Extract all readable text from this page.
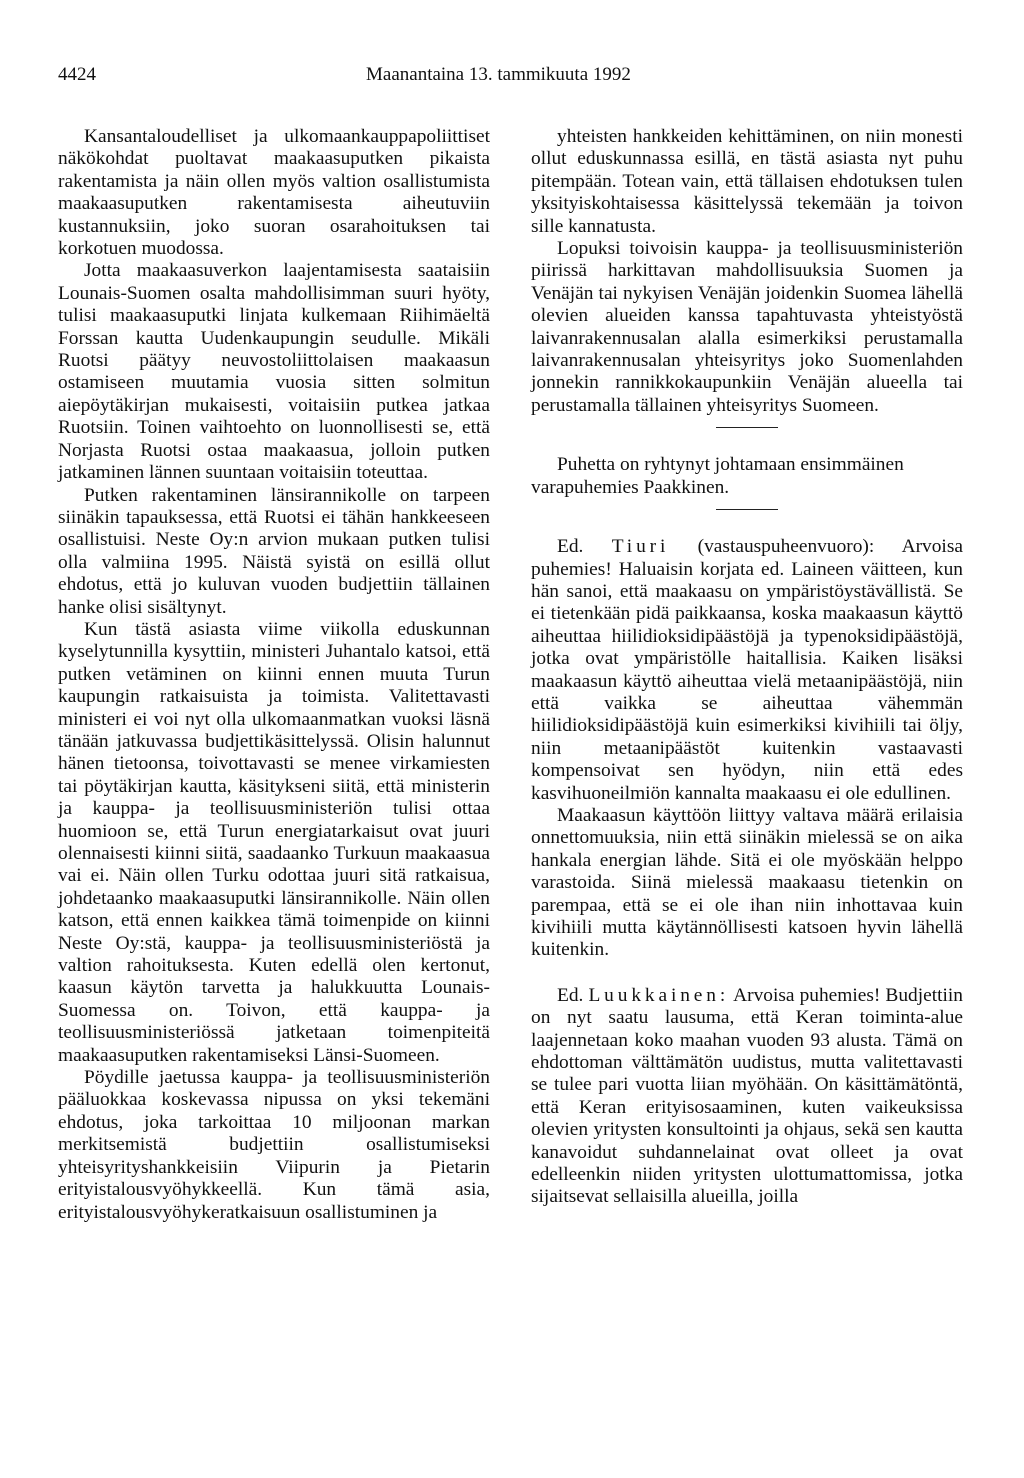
4424	Maanantaina 13. tammikuuta 1992

Kansantaloudelliset ja ulkomaankauppapoliittiset näkökohdat puoltavat maakaasuputken pikaista rakentamista ja näin ollen myös valtion osallistumista maakaasuputken rakentamisesta aiheutuviin kustannuksiin, joko suoran osarahoituksen tai korkotuen muodossa.

Jotta maakaasuverkon laajentamisesta saataisiin Lounais-Suomen osalta mahdollisimman suuri hyöty, tulisi maakaasuputki linjata kulkemaan Riihimäeltä Forssan kautta Uudenkaupungin seudulle. Mikäli Ruotsi päätyy neuvostoliittolaisen maakaasun ostamiseen muutamia vuosia sitten solmitun aiepöytäkirjan mukaisesti, voitaisiin putkea jatkaa Ruotsiin. Toinen vaihtoehto on luonnollisesti se, että Norjasta Ruotsi ostaa maakaasua, jolloin putken jatkaminen lännen suuntaan voitaisiin toteuttaa.

Putken rakentaminen länsirannikolle on tarpeen siinäkin tapauksessa, että Ruotsi ei tähän hankkeeseen osallistuisi. Neste Oy:n arvion mukaan putken tulisi olla valmiina 1995. Näistä syistä on esillä ollut ehdotus, että jo kuluvan vuoden budjettiin tällainen hanke olisi sisältynyt.

Kun tästä asiasta viime viikolla eduskunnan kyselytunnilla kysyttiin, ministeri Juhantalo katsoi, että putken vetäminen on kiinni ennen muuta Turun kaupungin ratkaisuista ja toimista. Valitettavasti ministeri ei voi nyt olla ulkomaanmatkan vuoksi läsnä tänään jatkuvassa budjettikäsittelyssä. Olisin halunnut hänen tietoonsa, toivottavasti se menee virkamiesten tai pöytäkirjan kautta, käsitykseni siitä, että ministerin ja kauppa- ja teollisuusministeriön tulisi ottaa huomioon se, että Turun energiatarkaisut ovat juuri olennaisesti kiinni siitä, saadaanko Turkuun maakaasua vai ei. Näin ollen Turku odottaa juuri sitä ratkaisua, johdetaanko maakaasuputki länsirannikolle. Näin ollen katson, että ennen kaikkea tämä toimenpide on kiinni Neste Oy:stä, kauppa- ja teollisuusministeriöstä ja valtion rahoituksesta. Kuten edellä olen kertonut, kaasun käytön tarvetta ja halukkuutta Lounais-Suomessa on. Toivon, että kauppa- ja teollisuusministeriössä jatketaan toimenpiteitä maakaasuputken rakentamiseksi Länsi-Suomeen.

Pöydille jaetussa kauppa- ja teollisuusministeriön pääluokkaa koskevassa nipussa on yksi tekemäni ehdotus, joka tarkoittaa 10 miljoonan markan merkitsemistä budjettiin osallistumiseksi yhteisyrityshankkeisiin Viipurin ja Pietarin erityistalousvyöhykkeellä. Kun tämä asia, erityistalousvyöhykeratkaisuun osallistuminen ja

yhteisten hankkeiden kehittäminen, on niin monesti ollut eduskunnassa esillä, en tästä asiasta nyt puhu pitempään. Totean vain, että tällaisen ehdotuksen tulen yksityiskohtaisessa käsittelyssä tekemään ja toivon sille kannatusta.

Lopuksi toivoisin kauppa- ja teollisuusministeriön piirissä harkittavan mahdollisuuksia Suomen ja Venäjän tai nykyisen Venäjän joidenkin Suomea lähellä olevien alueiden kanssa tapahtuvasta yhteistyöstä laivanrakennusalan alalla esimerkiksi perustamalla laivanrakennusalan yhteisyritys joko Suomenlahden jonnekin rannikkokaupunkiin Venäjän alueella tai perustamalla tällainen yhteisyritys Suomeen.

Puhetta on ryhtynyt johtamaan ensimmäinen varapuhemies Paakkinen.

Ed. Tiuri (vastauspuheenvuoro): Arvoisa puhemies! Haluaisin korjata ed. Laineen väitteen, kun hän sanoi, että maakaasu on ympäristöystävällistä. Se ei tietenkään pidä paikkaansa, koska maakaasun käyttö aiheuttaa hiilidioksidipäästöjä ja typenoksidipäästöjä, jotka ovat ympäristölle haitallisia. Kaiken lisäksi maakaasun käyttö aiheuttaa vielä metaanipäästöjä, niin että vaikka se aiheuttaa vähemmän hiilidioksidipäästöjä kuin esimerkiksi kivihiili tai öljy, niin metaanipäästöt kuitenkin vastaavasti kompensoivat sen hyödyn, niin että edes kasvihuoneilmiön kannalta maakaasu ei ole edullinen.

Maakaasun käyttöön liittyy valtava määrä erilaisia onnettomuuksia, niin että siinäkin mielessä se on aika hankala energian lähde. Sitä ei ole myöskään helppo varastoida. Siinä mielessä maakaasu tietenkin on parempaa, että se ei ole ihan niin inhottavaa kuin kivihiili mutta käytännöllisesti katsoen hyvin lähellä kuitenkin.

Ed. Luukkainen: Arvoisa puhemies! Budjettiin on nyt saatu lausuma, että Keran toiminta-alue laajennetaan koko maahan vuoden 93 alusta. Tämä on ehdottoman välttämätön uudistus, mutta valitettavasti se tulee pari vuotta liian myöhään. On käsittämätöntä, että Keran erityisosaaminen, kuten vaikeuksissa olevien yritysten konsultointi ja ohjaus, sekä sen kautta kanavoidut suhdannelainat ovat olleet ja ovat edelleenkin niiden yritysten ulottumattomissa, jotka sijaitsevat sellaisilla alueilla, joilla
